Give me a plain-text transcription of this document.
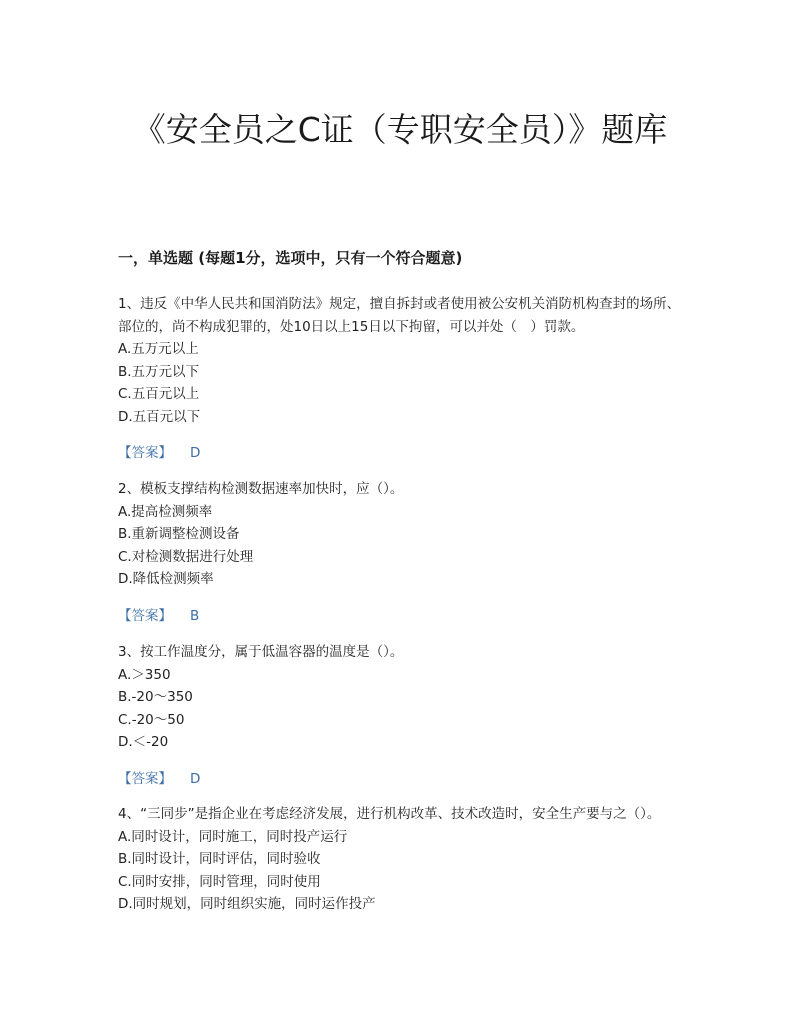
《安全员之C证（专职安全员）》题库
一，单选题 (每题1分，选项中，只有一个符合题意)

1、违反《中华人民共和国消防法》规定，擅自拆封或者使用被公安机关消防机构查封的场所、部位的，尚不构成犯罪的，处10日以上15日以下拘留，可以并处（　）罚款。

A.五万元以上

B.五万元以下

C.五百元以上

D.五百元以下

【答案】 D

2、模板支撑结构检测数据速率加快时，应（）。

A.提高检测频率

B.重新调整检测设备

C.对检测数据进行处理

D.降低检测频率

【答案】 B

3、按工作温度分，属于低温容器的温度是（）。

A.＞350

B.-20～350

C.-20～50

D.＜-20

【答案】 D

4、“三同步”是指企业在考虑经济发展，进行机构改革、技术改造时，安全生产要与之（）。

A.同时设计，同时施工，同时投产运行

B.同时设计，同时评估，同时验收

C.同时安排，同时管理，同时使用

D.同时规划，同时组织实施，同时运作投产
